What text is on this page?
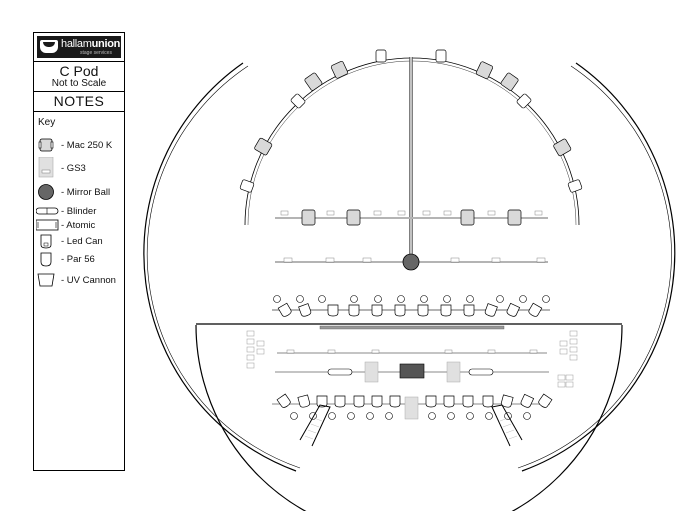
hallamunion
stage services
C Pod
Not to Scale
NOTES
Key
- Mac 250 K
- GS3
- Mirror Ball
- Blinder
- Atomic
- Led Can
- Par 56
- UV Cannon
